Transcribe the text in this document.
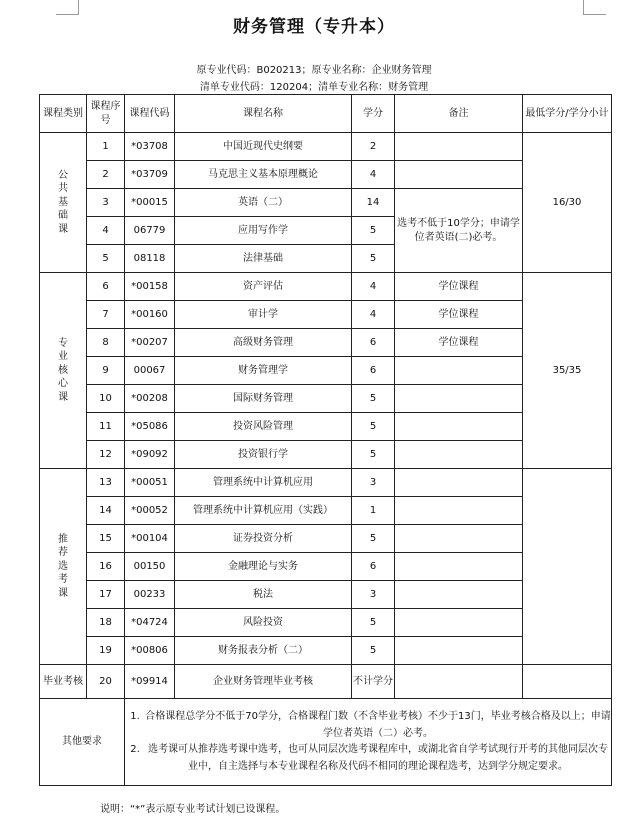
财务管理（专升本）
原专业代码：B020213；原专业名称：企业财务管理
清单专业代码：120204；清单专业名称：财务管理
课程类别	课程序号	课程代码	课程名称	学分	备注	最低学分/学分小计
公
共
基
础
课	1	*03708	中国近现代史纲要	2		16/30
	2	*03709	马克思主义基本原理概论	4		
	3	*00015	英语（二）	14	选考不低于10学分；申请学位者英语(二)必考。	
	4	06779	应用写作学	5		
	5	08118	法律基础	5		
专
业
核
心
课	6	*00158	资产评估	4	学位课程	35/35
	7	*00160	审计学	4	学位课程	
	8	*00207	高级财务管理	6	学位课程	
	9	00067	财务管理学	6		
	10	*00208	国际财务管理	5		
	11	*05086	投资风险管理	5		
	12	*09092	投资银行学	5		
推
荐
选
考
课	13	*00051	管理系统中计算机应用	3		
	14	*00052	管理系统中计算机应用（实践）	1		
	15	*00104	证券投资分析	5		
	16	00150	金融理论与实务	6		
	17	00233	税法	3		
	18	*04724	风险投资	5		
	19	*00806	财务报表分析（二）	5		
毕业考核	20	*09914	企业财务管理毕业考核	不计学分		
其他要求		1. 合格课程总学分不低于70学分，合格课程门数（不含毕业考核）不少于13门，毕业考核合格及以上；申请学位者英语（二）必考。
2. 选考课可从推荐选考课中选考，也可从同层次选考课程库中，或湖北省自学考试现行开考的其他同层次专业中，自主选择与本专业课程名称及代码不相同的理论课程选考，达到学分规定要求。				
说明：“*”表示原专业考试计划已设课程。
